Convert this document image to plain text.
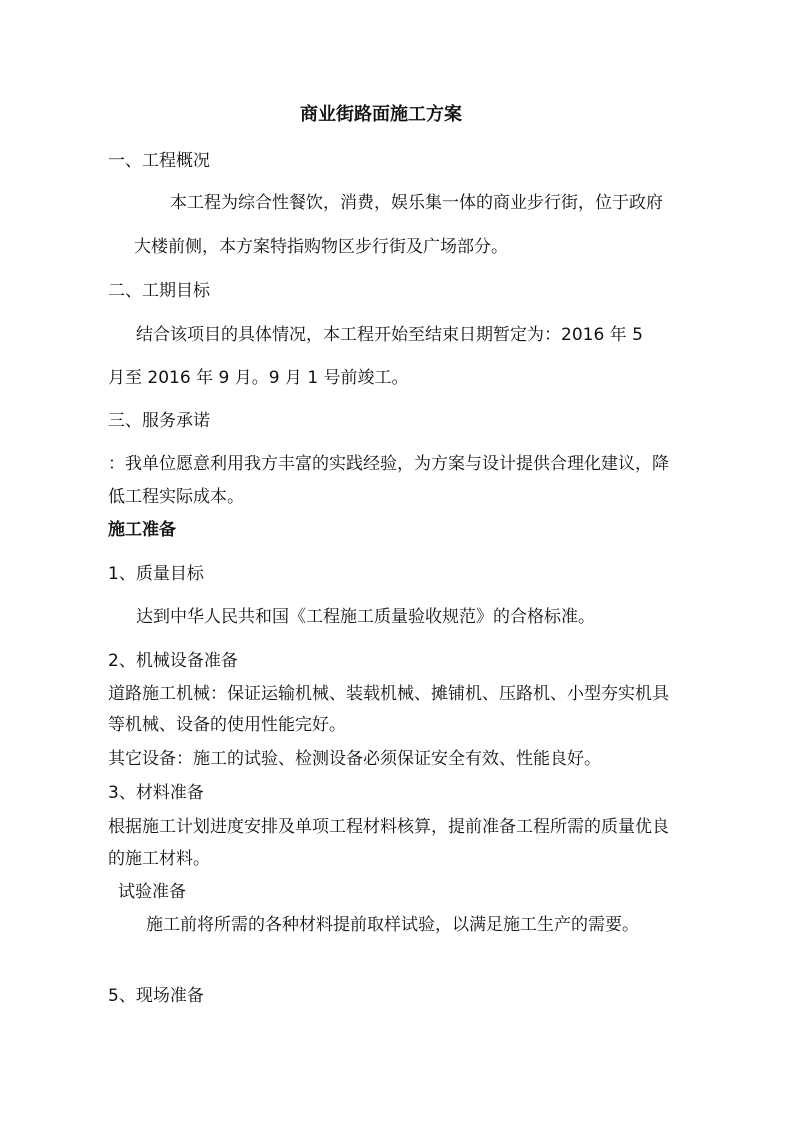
商业街路面施工方案
一、工程概况
本工程为综合性餐饮，消费，娱乐集一体的商业步行街，位于政府
大楼前侧，本方案特指购物区步行街及广场部分。
二、工期目标
结合该项目的具体情况，本工程开始至结束日期暂定为：2016 年 5
月至 2016 年 9 月。9 月 1 号前竣工。
三、服务承诺
：我单位愿意利用我方丰富的实践经验，为方案与设计提供合理化建议，降
低工程实际成本。
施工准备
1、质量目标
达到中华人民共和国《工程施工质量验收规范》的合格标准。
2、机械设备准备
道路施工机械：保证运输机械、装载机械、摊铺机、压路机、小型夯实机具
等机械、设备的使用性能完好。
其它设备：施工的试验、检测设备必须保证安全有效、性能良好。
3、材料准备
根据施工计划进度安排及单项工程材料核算，提前准备工程所需的质量优良
的施工材料。
试验准备
施工前将所需的各种材料提前取样试验，以满足施工生产的需要。
5、现场准备
